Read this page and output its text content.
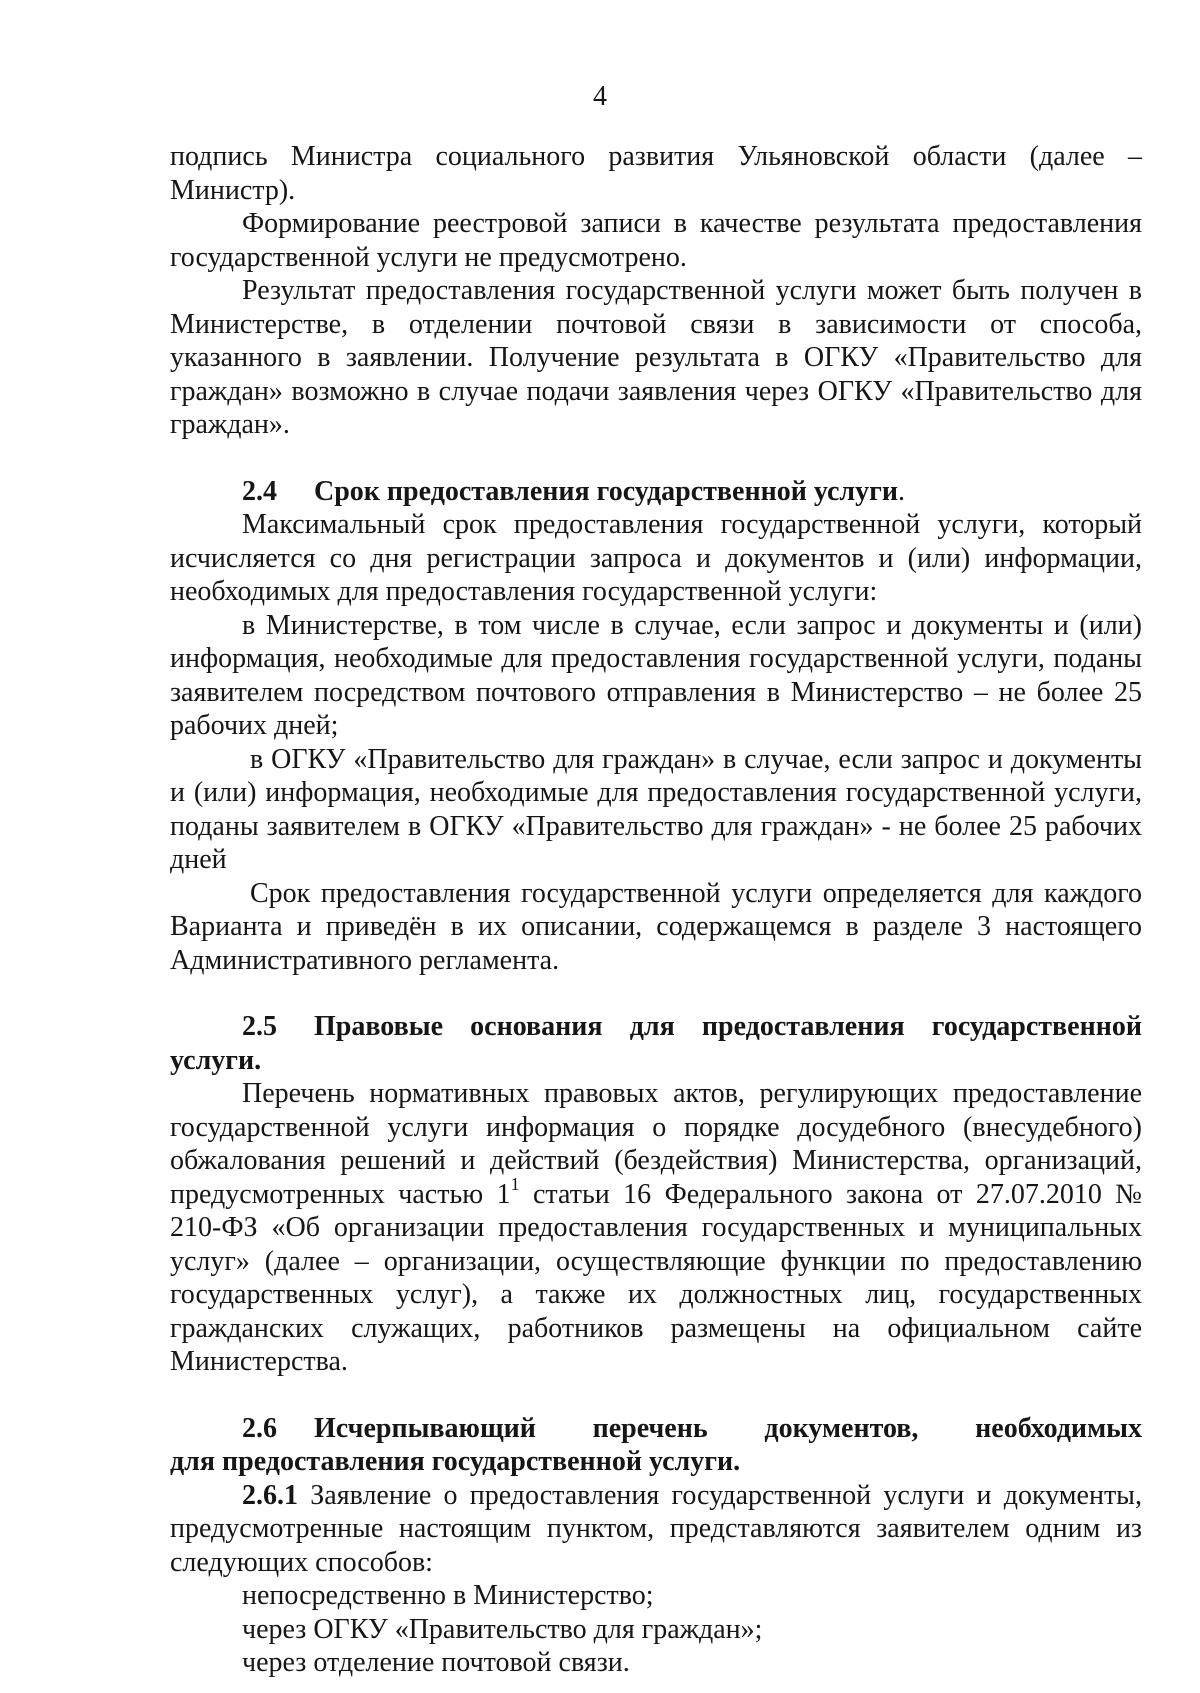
4

подпись Министра социального развития Ульяновской области (далее – Министр).

Формирование реестровой записи в качестве результата предоставления государственной услуги не предусмотрено.

Результат предоставления государственной услуги может быть получен в Министерстве, в отделении почтовой связи в зависимости от способа, указанного в заявлении. Получение результата в ОГКУ «Правительство для граждан» возможно в случае подачи заявления через ОГКУ «Правительство для граждан».

2.4 Срок предоставления государственной услуги.

Максимальный срок предоставления государственной услуги, который исчисляется со дня регистрации запроса и документов и (или) информации, необходимых для предоставления государственной услуги:

в Министерстве, в том числе в случае, если запрос и документы и (или) информация, необходимые для предоставления государственной услуги, поданы заявителем посредством почтового отправления в Министерство – не более 25 рабочих дней;

в ОГКУ «Правительство для граждан» в случае, если запрос и документы и (или) информация, необходимые для предоставления государственной услуги, поданы заявителем в ОГКУ «Правительство для граждан» - не более 25 рабочих дней

Срок предоставления государственной услуги определяется для каждого Варианта и приведён в их описании, содержащемся в разделе 3 настоящего Административного регламента.

2.5 Правовые основания для предоставления государственной услуги.

Перечень нормативных правовых актов, регулирующих предоставление государственной услуги информация о порядке досудебного (внесудебного) обжалования решений и действий (бездействия) Министерства, организаций, предусмотренных частью $1^1$ статьи 16 Федерального закона от 27.07.2010 № 210-ФЗ «Об организации предоставления государственных и муниципальных услуг» (далее – организации, осуществляющие функции по предоставлению государственных услуг), а также их должностных лиц, государственных гражданских служащих, работников размещены на официальном сайте Министерства.

2.6 Исчерпывающий перечень документов, необходимых

для предоставления государственной услуги.

2.6.1 Заявление о предоставления государственной услуги и документы, предусмотренные настоящим пунктом, представляются заявителем одним из следующих способов:

непосредственно в Министерство;

через ОГКУ «Правительство для граждан»;

через отделение почтовой связи.
